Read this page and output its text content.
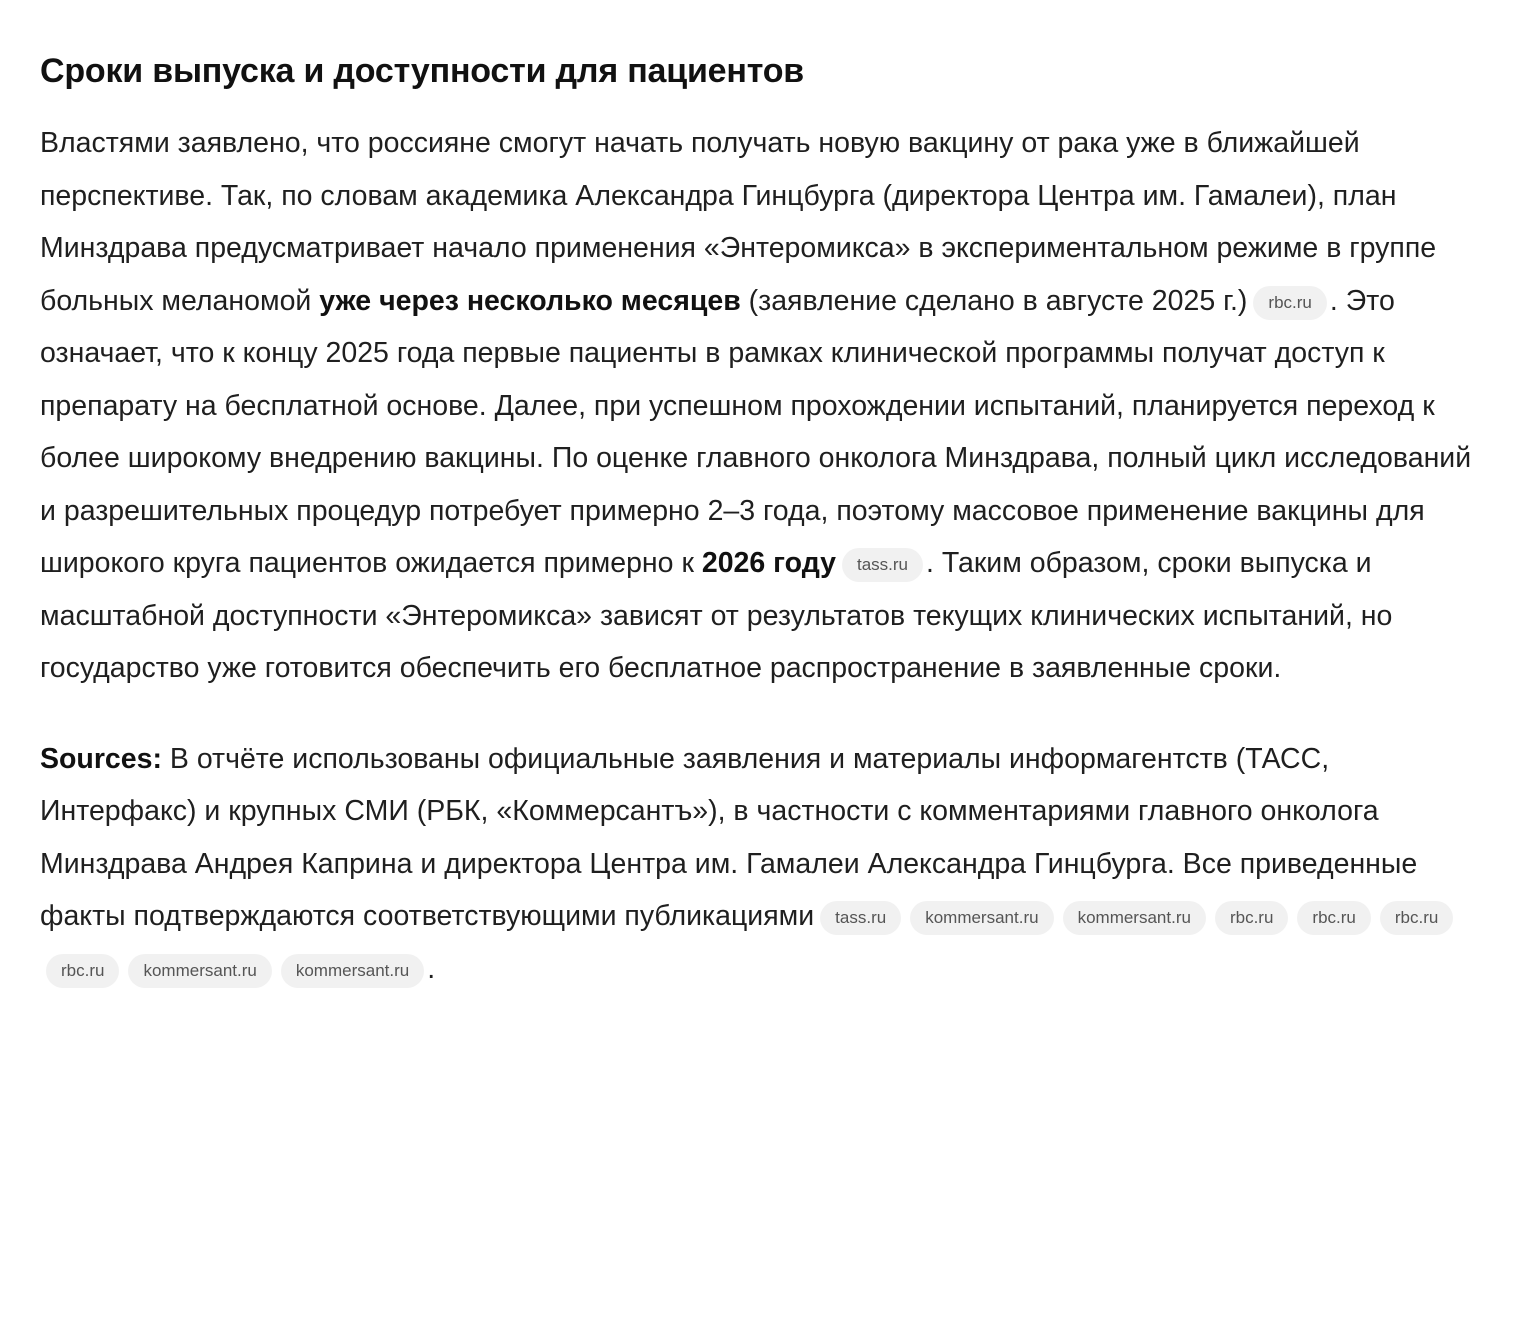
Сроки выпуска и доступности для пациентов

Властями заявлено, что россияне смогут начать получать новую вакцину от рака уже в ближайшей перспективе. Так, по словам академика Александра Гинцбурга (директора Центра им. Гамалеи), план Минздрава предусматривает начало применения «Энтеромикса» в экспериментальном режиме в группе больных меланомой уже через несколько месяцев (заявление сделано в августе 2025 г.) rbc.ru . Это означает, что к концу 2025 года первые пациенты в рамках клинической программы получат доступ к препарату на бесплатной основе. Далее, при успешном прохождении испытаний, планируется переход к более широкому внедрению вакцины. По оценке главного онколога Минздрава, полный цикл исследований и разрешительных процедур потребует примерно 2–3 года, поэтому массовое применение вакцины для широкого круга пациентов ожидается примерно к 2026 году tass.ru . Таким образом, сроки выпуска и масштабной доступности «Энтеромикса» зависят от результатов текущих клинических испытаний, но государство уже готовится обеспечить его бесплатное распространение в заявленные сроки.

Sources: В отчёте использованы официальные заявления и материалы информагентств (ТАСС, Интерфакс) и крупных СМИ (РБК, «Коммерсантъ»), в частности с комментариями главного онколога Минздрава Андрея Каприна и директора Центра им. Гамалеи Александра Гинцбурга. Все приведенные факты подтверждаются соответствующими публикациями tass.ru kommersant.ru kommersant.ru rbc.ru rbc.ru rbc.rurbc.ru kommersant.ru kommersant.ru .
